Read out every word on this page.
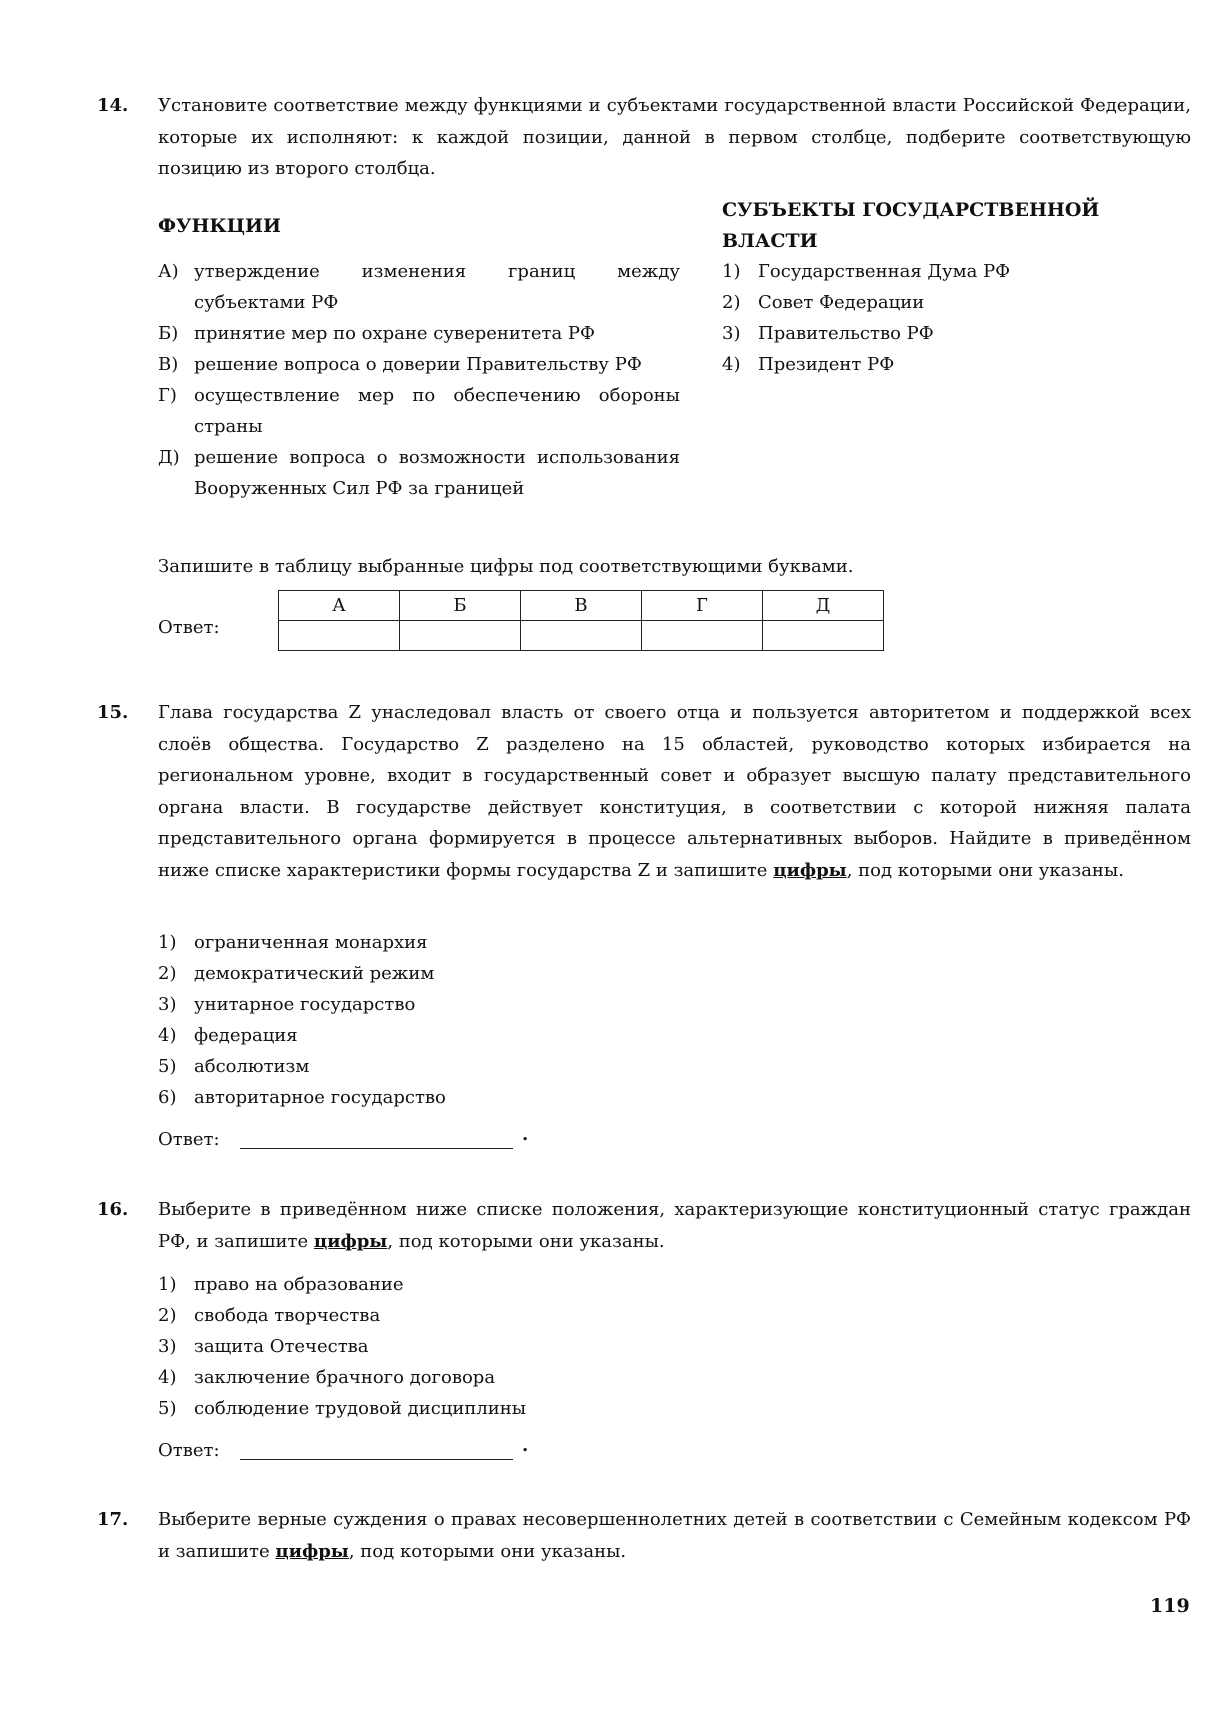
14. Установите соответствие между функциями и субъектами государственной власти Российской Федерации, которые их исполняют: к каждой позиции, данной в первом столбце, подберите соответствующую позицию из второго столбца.
ФУНКЦИИ
СУБЪЕКТЫ ГОСУДАРСТВЕННОЙ ВЛАСТИ
А) утверждение изменения границ между субъектами РФ
Б) принятие мер по охране суверенитета РФ
В) решение вопроса о доверии Правительству РФ
Г) осуществление мер по обеспечению обороны страны
Д) решение вопроса о возможности использования Вооруженных Сил РФ за границей
1) Государственная Дума РФ
2) Совет Федерации
3) Правительство РФ
4) Президент РФ
Запишите в таблицу выбранные цифры под соответствующими буквами.
Ответ:
А	Б	В	Г	Д

15. Глава государства Z унаследовал власть от своего отца и пользуется авторитетом и поддержкой всех слоёв общества. Государство Z разделено на 15 областей, руководство которых избирается на региональном уровне, входит в государственный совет и образует высшую палату представительного органа власти. В государстве действует конституция, в соответствии с которой нижняя палата представительного органа формируется в процессе альтернативных выборов. Найдите в приведённом ниже списке характеристики формы государства Z и запишите цифры, под которыми они указаны.
1) ограниченная монархия
2) демократический режим
3) унитарное государство
4) федерация
5) абсолютизм
6) авторитарное государство
Ответ:	.
16. Выберите в приведённом ниже списке положения, характеризующие конституционный статус граждан РФ, и запишите цифры, под которыми они указаны.
1) право на образование
2) свобода творчества
3) защита Отечества
4) заключение брачного договора
5) соблюдение трудовой дисциплины
Ответ:	.
17. Выберите верные суждения о правах несовершеннолетних детей в соответствии с Семейным кодексом РФ и запишите цифры, под которыми они указаны.
119
